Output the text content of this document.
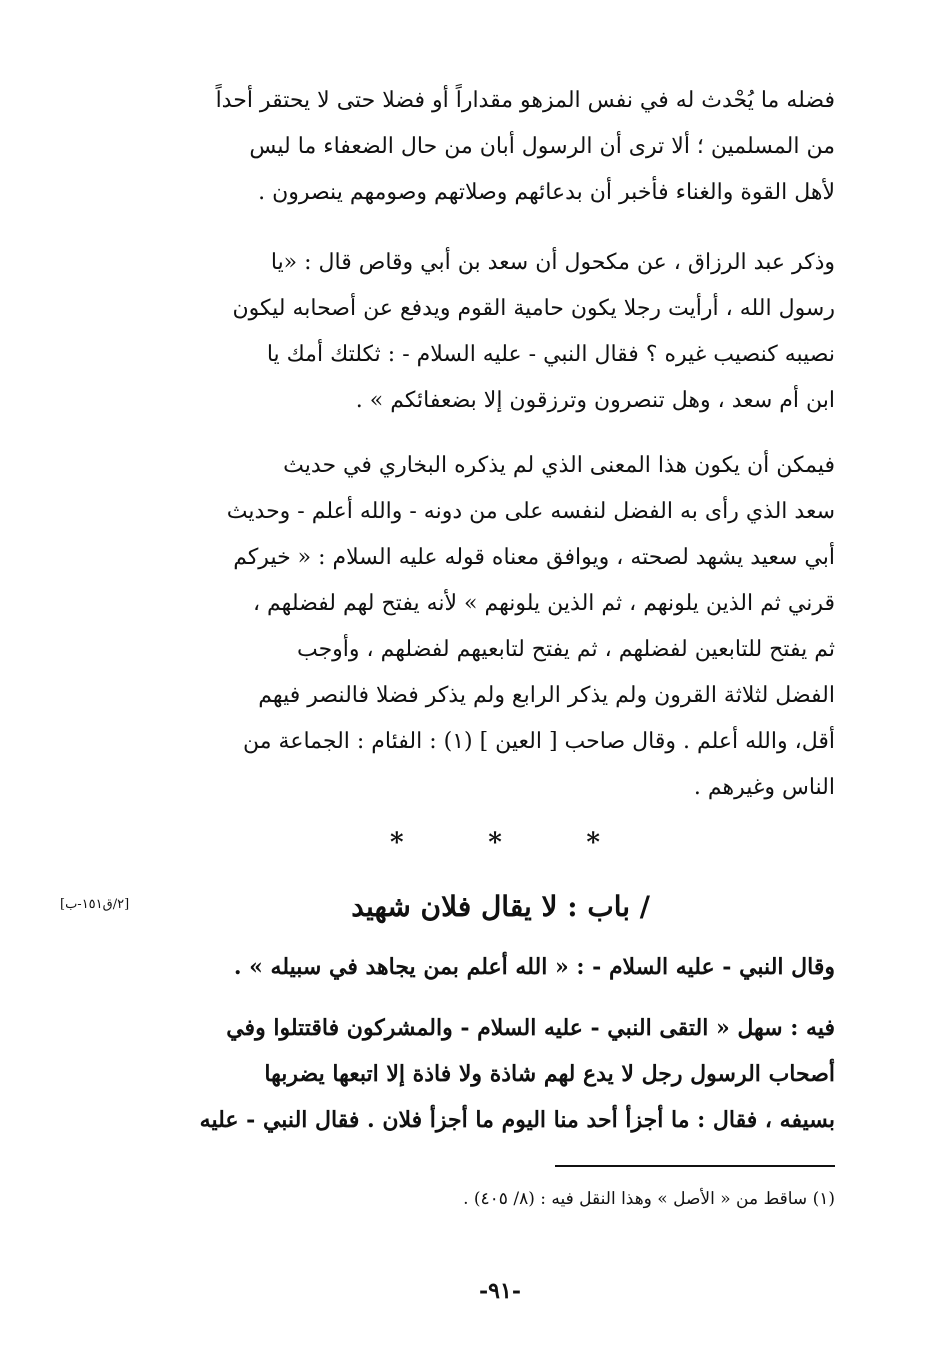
فضله ما يُحْدث له في نفس المزهو مقداراً أو فضلا حتى لا يحتقر أحداً
من المسلمين ؛ ألا ترى أن الرسول أبان من حال الضعفاء ما ليس
لأهل القوة والغناء فأخبر أن بدعائهم وصلاتهم وصومهم ينصرون .
وذكر عبد الرزاق ، عن مكحول أن سعد بن أبي وقاص قال : «يا
رسول الله ، أرأيت رجلا يكون حامية القوم ويدفع عن أصحابه ليكون
نصيبه كنصيب غيره ؟ فقال النبي - عليه السلام - : ثكلتك أمك يا
ابن أم سعد ، وهل تنصرون وترزقون إلا بضعفائكم » .
فيمكن أن يكون هذا المعنى الذي لم يذكره البخاري في حديث
سعد الذي رأى به الفضل لنفسه على من دونه - والله أعلم - وحديث
أبي سعيد يشهد لصحته ، ويوافق معناه قوله عليه السلام : « خيركم
قرني ثم الذين يلونهم ، ثم الذين يلونهم » لأنه يفتح لهم لفضلهم ،
ثم يفتح للتابعين لفضلهم ، ثم يفتح لتابعيهم لفضلهم ، وأوجب
الفضل لثلاثة القرون ولم يذكر الرابع ولم يذكر فضلا فالنصر فيهم
أقل، والله أعلم . وقال صاحب [ العين ] (١) : الفئام : الجماعة من
الناس وغيرهم .
*	*	*
/ باب : لا يقال فلان شهيد
[٢/ق١٥١-ب]
وقال النبي - عليه السلام - : « الله أعلم بمن يجاهد في سبيله » .
فيه : سهل « التقى النبي - عليه السلام - والمشركون فاقتتلوا وفي
أصحاب الرسول رجل لا يدع لهم شاذة ولا فاذة إلا اتبعها يضربها
بسيفه ، فقال : ما أجزأ أحد منا اليوم ما أجزأ فلان . فقال النبي - عليه
(١) ساقط من « الأصل » وهذا النقل فيه : (٨/ ٤٠٥) .
-٩١-
